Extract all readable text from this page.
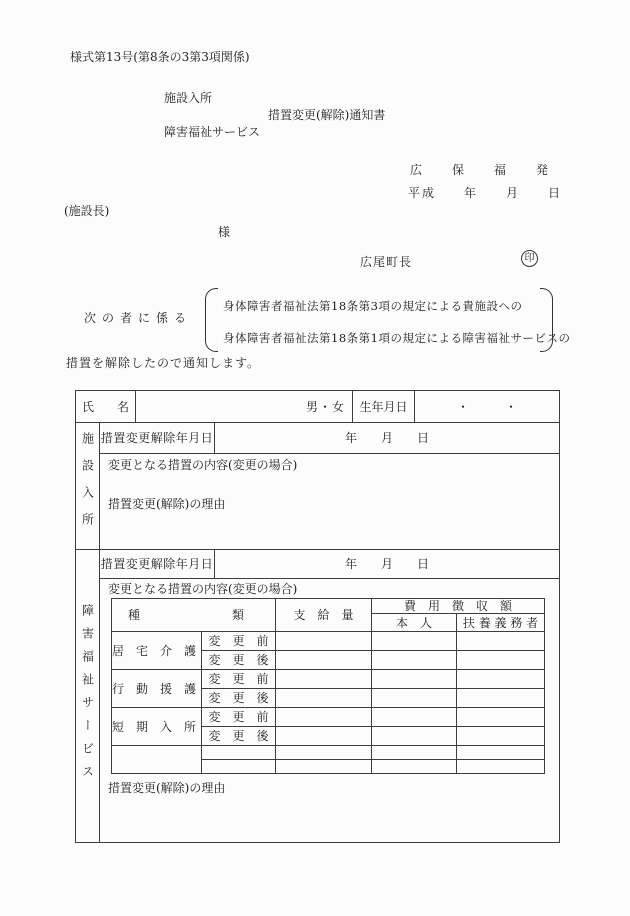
様式第13号(第8条の3第3項関係)
施設入所
措置変更(解除)通知書
障害福祉サービス
広　　保　　福　　発
平成　　年　　月　　日
(施設長)
様
広尾町長	印
次の者に係る
身体障害者福祉法第18条第3項の規定による貴施設への
身体障害者福祉法第18条第1項の規定による障害福祉サービスの
措置を解除したので通知します。
氏 名	男・女	生年月日	・　　　・
施設入所 措置変更解除年月日	年　　月　　日
変更となる措置の内容(変更の場合)
措置変更(解除)の理由
障害福祉サービス
措置変更解除年月日	年　　月　　日
変更となる措置の内容(変更の場合)
種 類		支　給　量	費　用　徴　収　額	
			本　人	扶 養 義 務 者
居　宅　介　護	変　更　前			
	変　更　後			
行　動　援　護	変　更　前			
	変　更　後			
短　期　入　所	変　更　前			
	変　更　後			

措置変更(解除)の理由
